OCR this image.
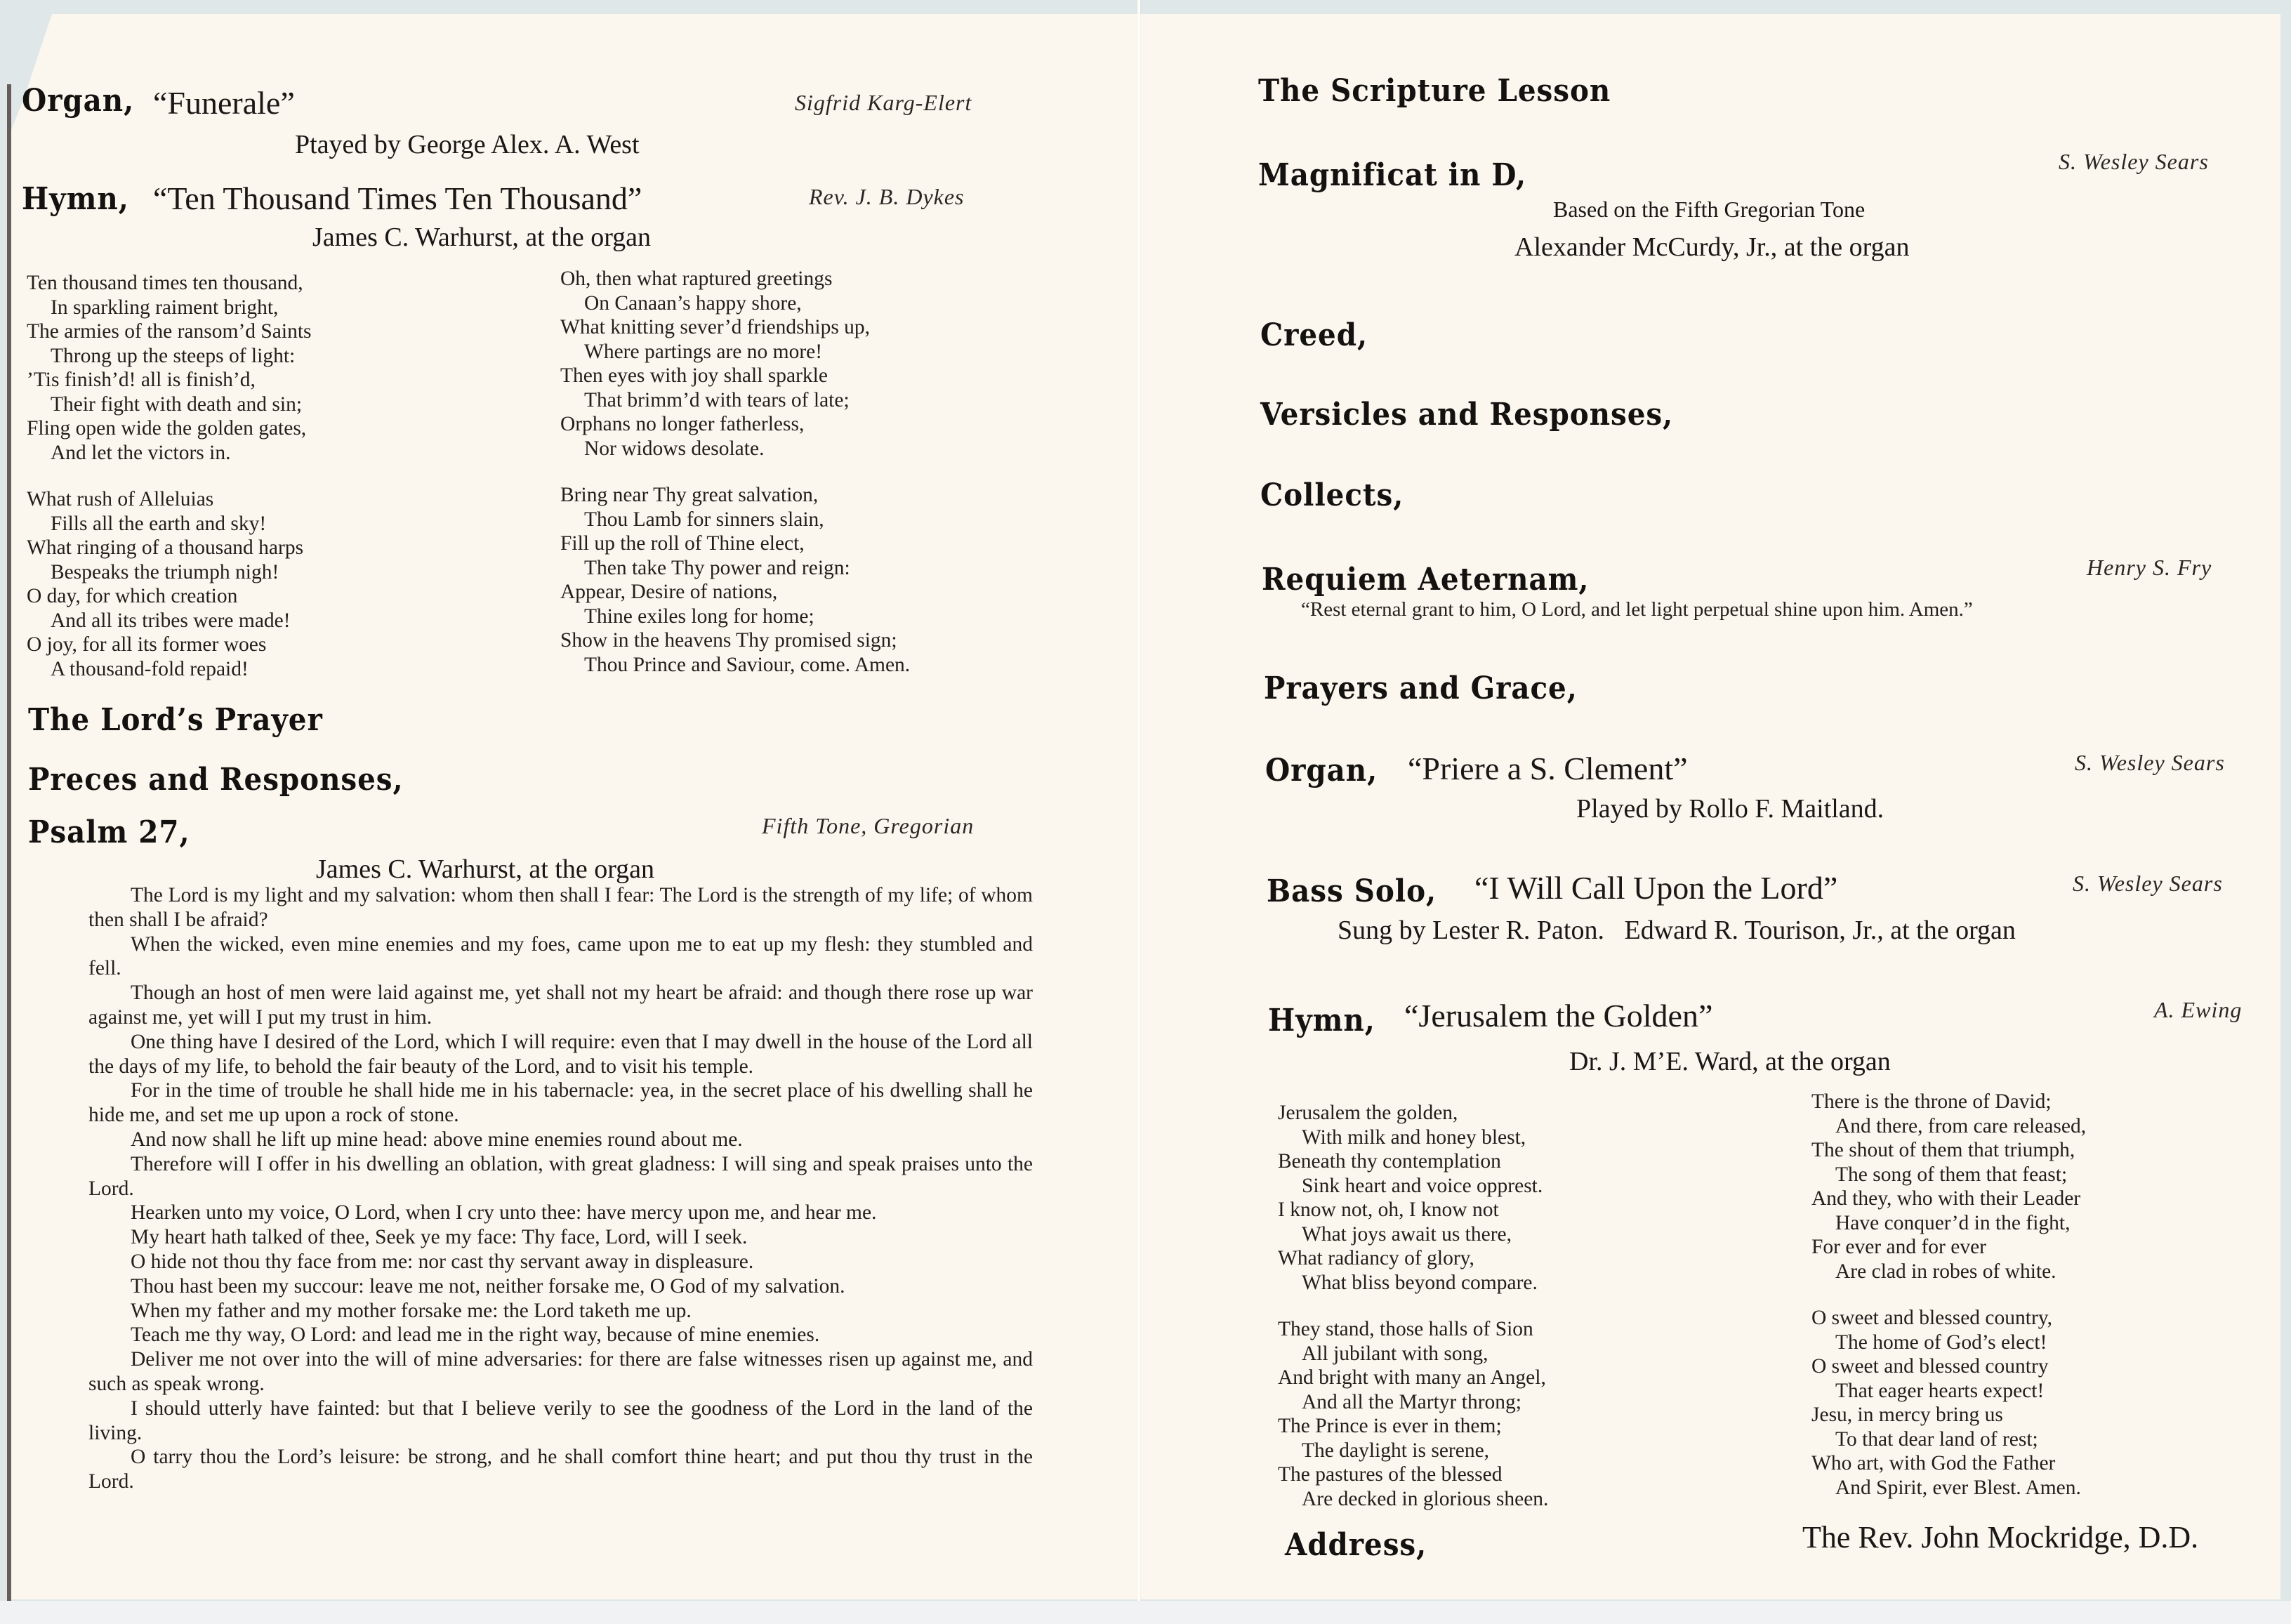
Organ, “Funerale”	Sigfrid Karg-Elert
Ptayed by George Alex. A. West
Hymn, “Ten Thousand Times Ten Thousand”	Rev. J. B. Dykes
James C. Warhurst, at the organ
Ten thousand times ten thousand,
In sparkling raiment bright,
The armies of the ransom’d Saints
Throng up the steeps of light:
’Tis finish’d! all is finish’d,
Their fight with death and sin;
Fling open wide the golden gates,
And let the victors in.
What rush of Alleluias
Fills all the earth and sky!
What ringing of a thousand harps
Bespeaks the triumph nigh!
O day, for which creation
And all its tribes were made!
O joy, for all its former woes
A thousand-fold repaid!
Oh, then what raptured greetings
On Canaan’s happy shore,
What knitting sever’d friendships up,
Where partings are no more!
Then eyes with joy shall sparkle
That brimm’d with tears of late;
Orphans no longer fatherless,
Nor widows desolate.
Bring near Thy great salvation,
Thou Lamb for sinners slain,
Fill up the roll of Thine elect,
Then take Thy power and reign:
Appear, Desire of nations,
Thine exiles long for home;
Show in the heavens Thy promised sign;
Thou Prince and Saviour, come. Amen.
The Lord’s Prayer
Preces and Responses,
Psalm 27,	Fifth Tone, Gregorian
James C. Warhurst, at the organ

The Lord is my light and my salvation: whom then shall I fear: The Lord is the strength of my life; of whom then shall I be afraid?

When the wicked, even mine enemies and my foes, came upon me to eat up my flesh: they stumbled and fell.

Though an host of men were laid against me, yet shall not my heart be afraid: and though there rose up war against me, yet will I put my trust in him.

One thing have I desired of the Lord, which I will require: even that I may dwell in the house of the Lord all the days of my life, to behold the fair beauty of the Lord, and to visit his temple.

For in the time of trouble he shall hide me in his tabernacle: yea, in the secret place of his dwelling shall he hide me, and set me up upon a rock of stone.

And now shall he lift up mine head: above mine enemies round about me.

Therefore will I offer in his dwelling an oblation, with great gladness: I will sing and speak praises unto the Lord.

Hearken unto my voice, O Lord, when I cry unto thee: have mercy upon me, and hear me.

My heart hath talked of thee, Seek ye my face: Thy face, Lord, will I seek.

O hide not thou thy face from me: nor cast thy servant away in displeasure.

Thou hast been my succour: leave me not, neither forsake me, O God of my salvation.

When my father and my mother forsake me: the Lord taketh me up.

Teach me thy way, O Lord: and lead me in the right way, because of mine enemies.

Deliver me not over into the will of mine adversaries: for there are false witnesses risen up against me, and such as speak wrong.

I should utterly have fainted: but that I believe verily to see the goodness of the Lord in the land of the living.

O tarry thou the Lord’s leisure: be strong, and he shall comfort thine heart; and put thou thy trust in the Lord.

The Scripture Lesson
Magnificat in D,	S. Wesley Sears
Based on the Fifth Gregorian Tone
Alexander McCurdy, Jr., at the organ
Creed,
Versicles and Responses,
Collects,
Requiem Aeternam,	Henry S. Fry
“Rest eternal grant to him, O Lord, and let light perpetual shine upon him. Amen.”
Prayers and Grace,
Organ, “Priere a S. Clement”	S. Wesley Sears
Played by Rollo F. Maitland.
Bass Solo, “I Will Call Upon the Lord”	S. Wesley Sears
Sung by Lester R. Paton.   Edward R. Tourison, Jr., at the organ
Hymn, “Jerusalem the Golden”	A. Ewing
Dr. J. M’E. Ward, at the organ
Jerusalem the golden,
With milk and honey blest,
Beneath thy contemplation
Sink heart and voice opprest.
I know not, oh, I know not
What joys await us there,
What radiancy of glory,
What bliss beyond compare.
They stand, those halls of Sion
All jubilant with song,
And bright with many an Angel,
And all the Martyr throng;
The Prince is ever in them;
The daylight is serene,
The pastures of the blessed
Are decked in glorious sheen.
There is the throne of David;
And there, from care released,
The shout of them that triumph,
The song of them that feast;
And they, who with their Leader
Have conquer’d in the fight,
For ever and for ever
Are clad in robes of white.
O sweet and blessed country,
The home of God’s elect!
O sweet and blessed country
That eager hearts expect!
Jesu, in mercy bring us
To that dear land of rest;
Who art, with God the Father
And Spirit, ever Blest. Amen.
Address,	The Rev. John Mockridge, D.D.
